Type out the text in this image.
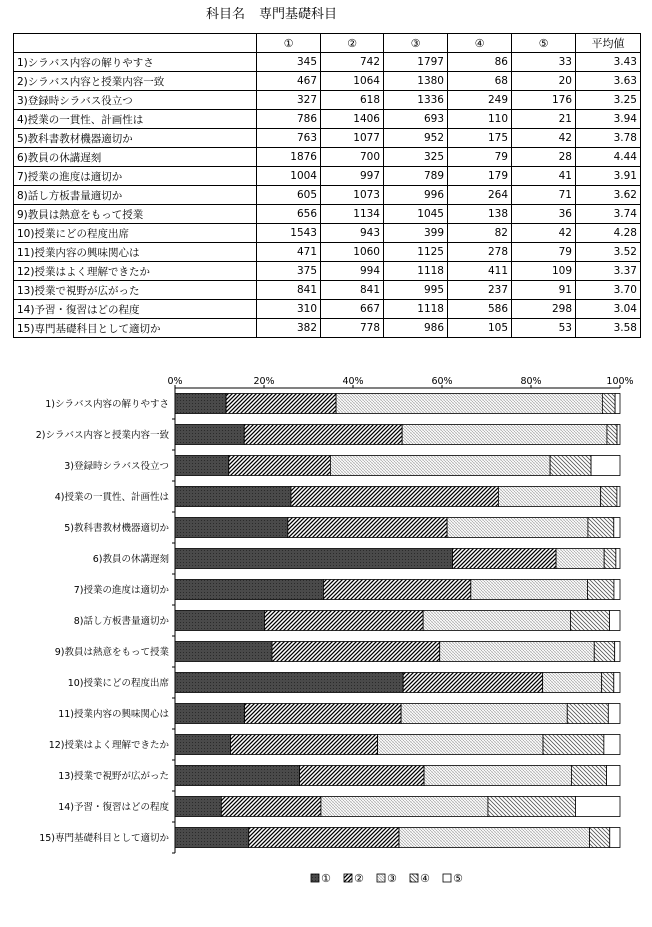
科目名 専門基礎科目
	①	②	③	④	⑤	平均値
1)シラバス内容の解りやすさ	345	742	1797	86	33	3.43
2)シラバス内容と授業内容一致	467	1064	1380	68	20	3.63
3)登録時シラバス役立つ	327	618	1336	249	176	3.25
4)授業の一貫性、計画性は	786	1406	693	110	21	3.94
5)教科書教材機器適切か	763	1077	952	175	42	3.78
6)教員の休講遅刻	1876	700	325	79	28	4.44
7)授業の進度は適切か	1004	997	789	179	41	3.91
8)話し方板書量適切か	605	1073	996	264	71	3.62
9)教員は熱意をもって授業	656	1134	1045	138	36	3.74
10)授業にどの程度出席	1543	943	399	82	42	4.28
11)授業内容の興味関心は	471	1060	1125	278	79	3.52
12)授業はよく理解できたか	375	994	1118	411	109	3.37
13)授業で視野が広がった	841	841	995	237	91	3.70
14)予習・復習はどの程度	310	667	1118	586	298	3.04
15)専門基礎科目として適切か	382	778	986	105	53	3.58
0%	20%	40%	60%	80%	100%
1)シラバス内容の解りやすさ
2)シラバス内容と授業内容一致
3)登録時シラバス役立つ
4)授業の一貫性、計画性は
5)教科書教材機器適切か
6)教員の休講遅刻
7)授業の進度は適切か
8)話し方板書量適切か
9)教員は熱意をもって授業
10)授業にどの程度出席
11)授業内容の興味関心は
12)授業はよく理解できたか
13)授業で視野が広がった
14)予習・復習はどの程度
15)専門基礎科目として適切か
① ② ③ ④ ⑤
